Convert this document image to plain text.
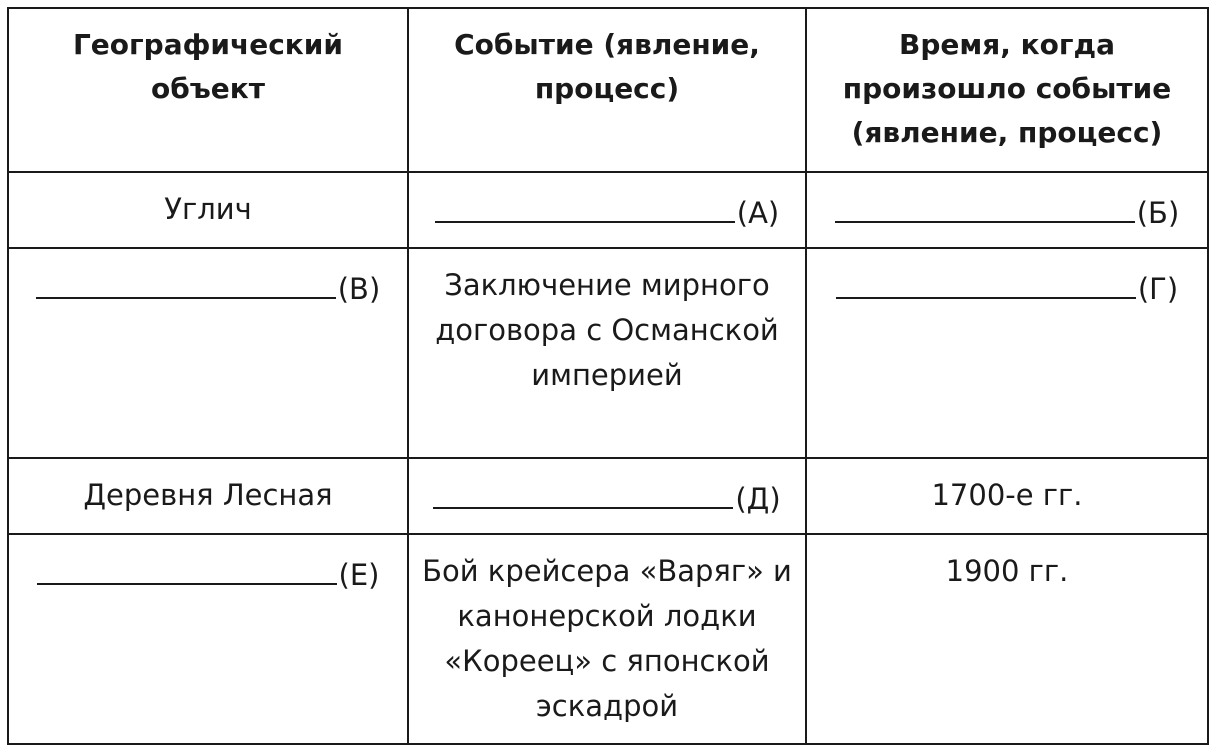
Географический объект	Событие (явление, процесс)	Время, когда произошло событие (явление, процесс)

Углич	(А)	(Б)
(В)	Заключение мирного договора с Османской империей	(Г)

Деревня Лесная	(Д)	1700-е гг.

(Е)	Бой крейсера «Варяг» и канонерской лодки «Кореец» с японской эскадрой	1900 гг.
